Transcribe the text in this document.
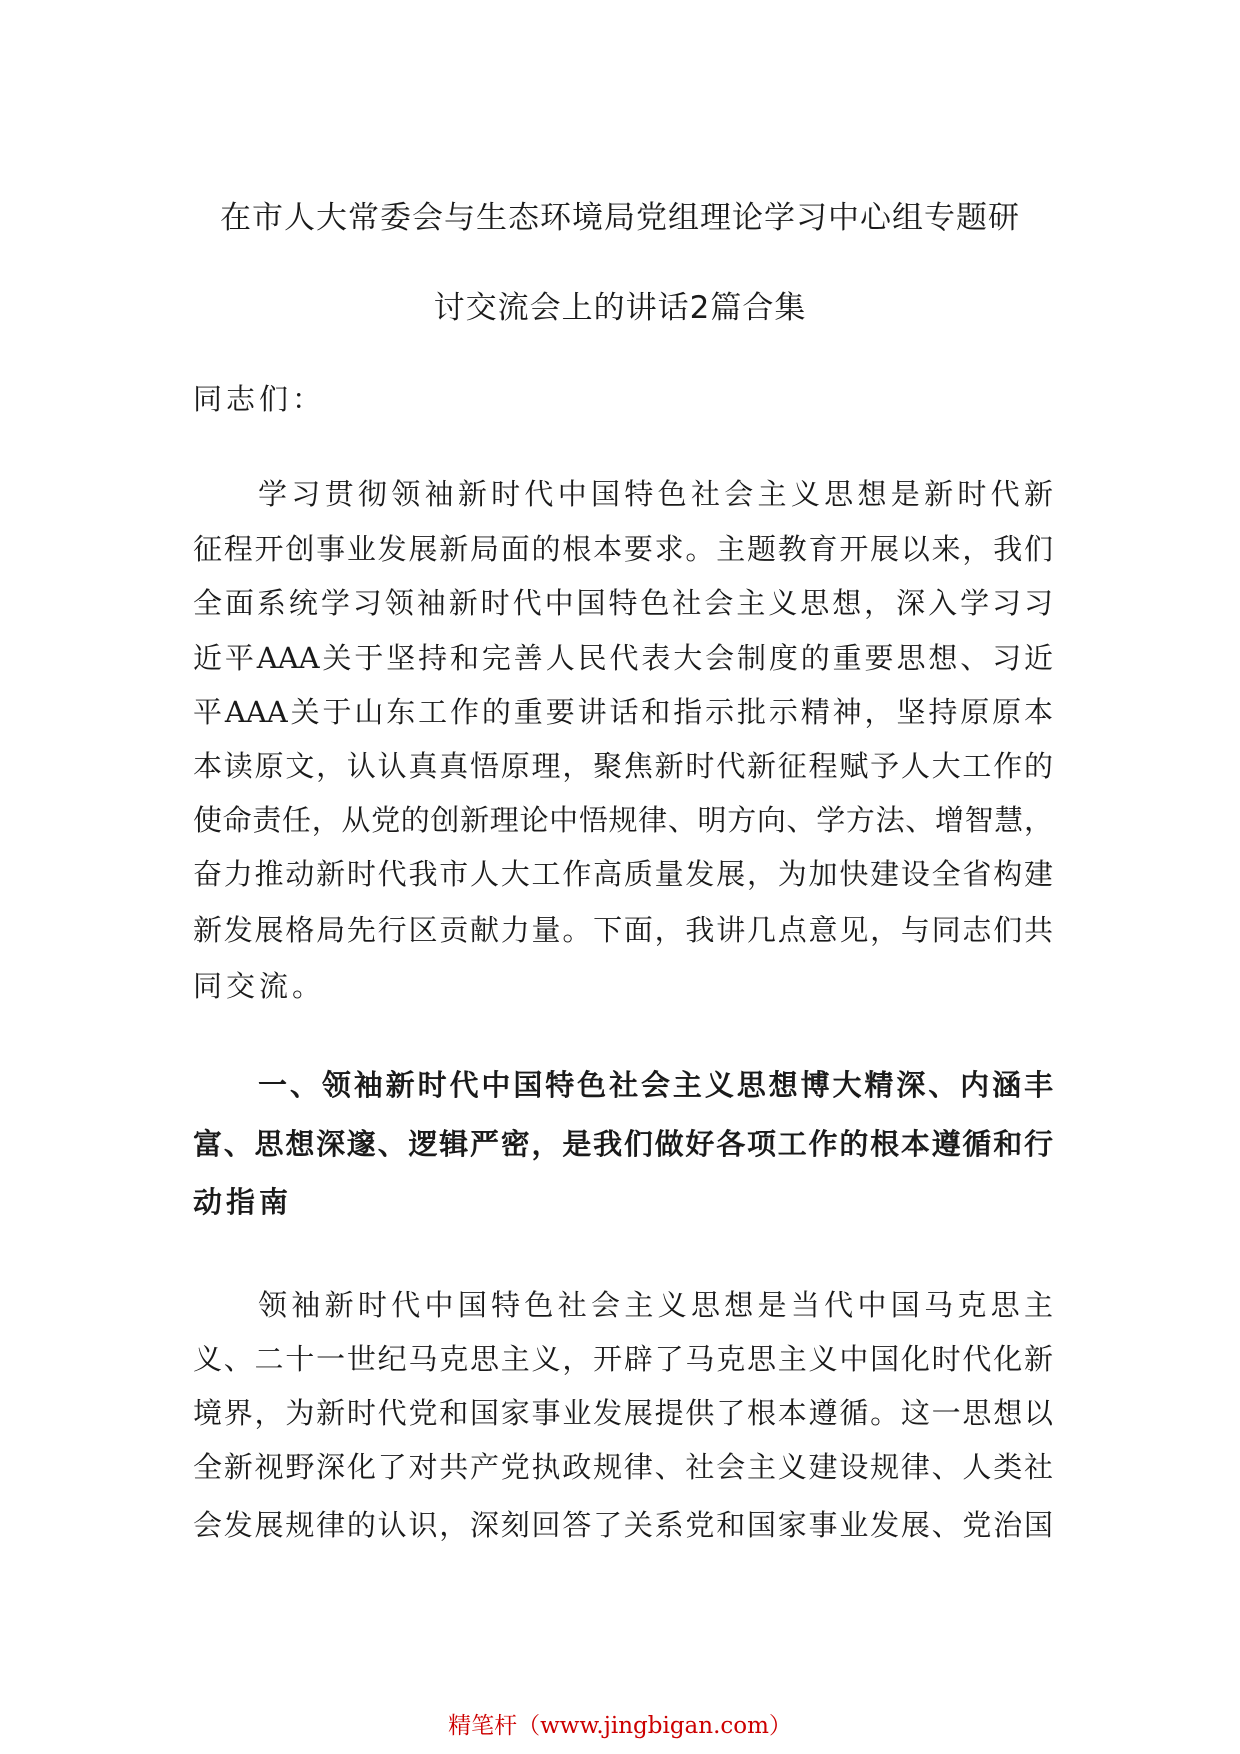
在市人大常委会与生态环境局党组理论学习中心组专题研
讨交流会上的讲话2篇合集
同志们：
学习贯彻领袖新时代中国特色社会主义思想是新时代新
征程开创事业发展新局面的根本要求。主题教育开展以来，我们
全面系统学习领袖新时代中国特色社会主义思想，深入学习习
近平AAA关于坚持和完善人民代表大会制度的重要思想、习近
平AAA关于山东工作的重要讲话和指示批示精神，坚持原原本
本读原文，认认真真悟原理，聚焦新时代新征程赋予人大工作的
使命责任，从党的创新理论中悟规律、明方向、学方法、增智慧，
奋力推动新时代我市人大工作高质量发展，为加快建设全省构建
新发展格局先行区贡献力量。下面，我讲几点意见，与同志们共
同交流。
一、领袖新时代中国特色社会主义思想博大精深、内涵丰
富、思想深邃、逻辑严密，是我们做好各项工作的根本遵循和行
动指南
领袖新时代中国特色社会主义思想是当代中国马克思主
义、二十一世纪马克思主义，开辟了马克思主义中国化时代化新
境界，为新时代党和国家事业发展提供了根本遵循。这一思想以
全新视野深化了对共产党执政规律、社会主义建设规律、人类社
会发展规律的认识，深刻回答了关系党和国家事业发展、党治国
精笔杆（www.jingbigan.com）
